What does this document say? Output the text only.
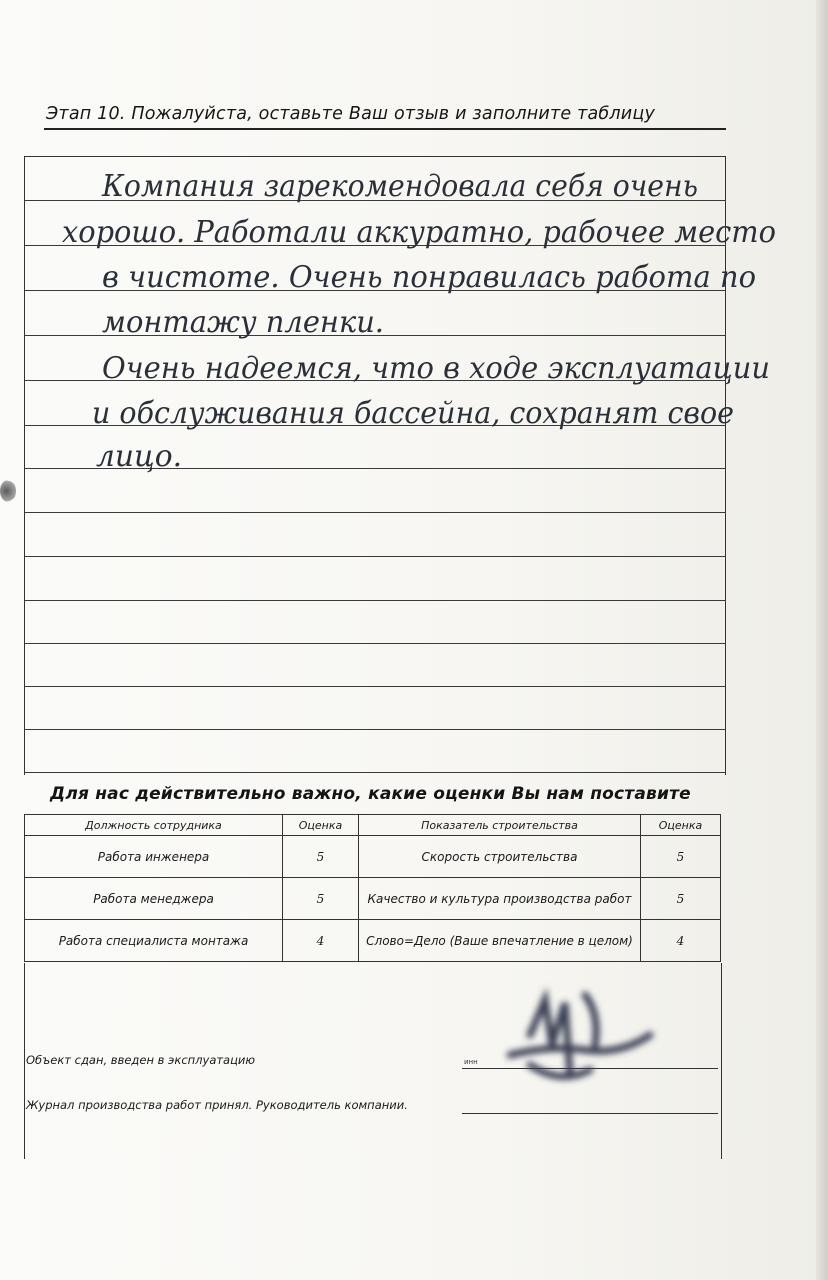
Этап 10. Пожалуйста, оставьте Ваш отзыв и заполните таблицу
Компания зарекомендовала себя очень
хорошо. Работали аккуратно, рабочее место
в чистоте. Очень понравилась работа по
монтажу пленки.
Очень надеемся, что в ходе эксплуатации
и обслуживания бассейна, сохранят свое
лицо.
Для нас действительно важно, какие оценки Вы нам поставите
Должность сотрудника	Оценка	Показатель строительства	Оценка
Работа инженера	5	Скорость строительства	5
Работа менеджера	5	Качество и культура производства работ	5
Работа специалиста монтажа	4	Слово=Дело (Ваше впечатление в целом)	4
Объект сдан, введен в эксплуатацию
Журнал производства работ принял. Руководитель компании.
инн
